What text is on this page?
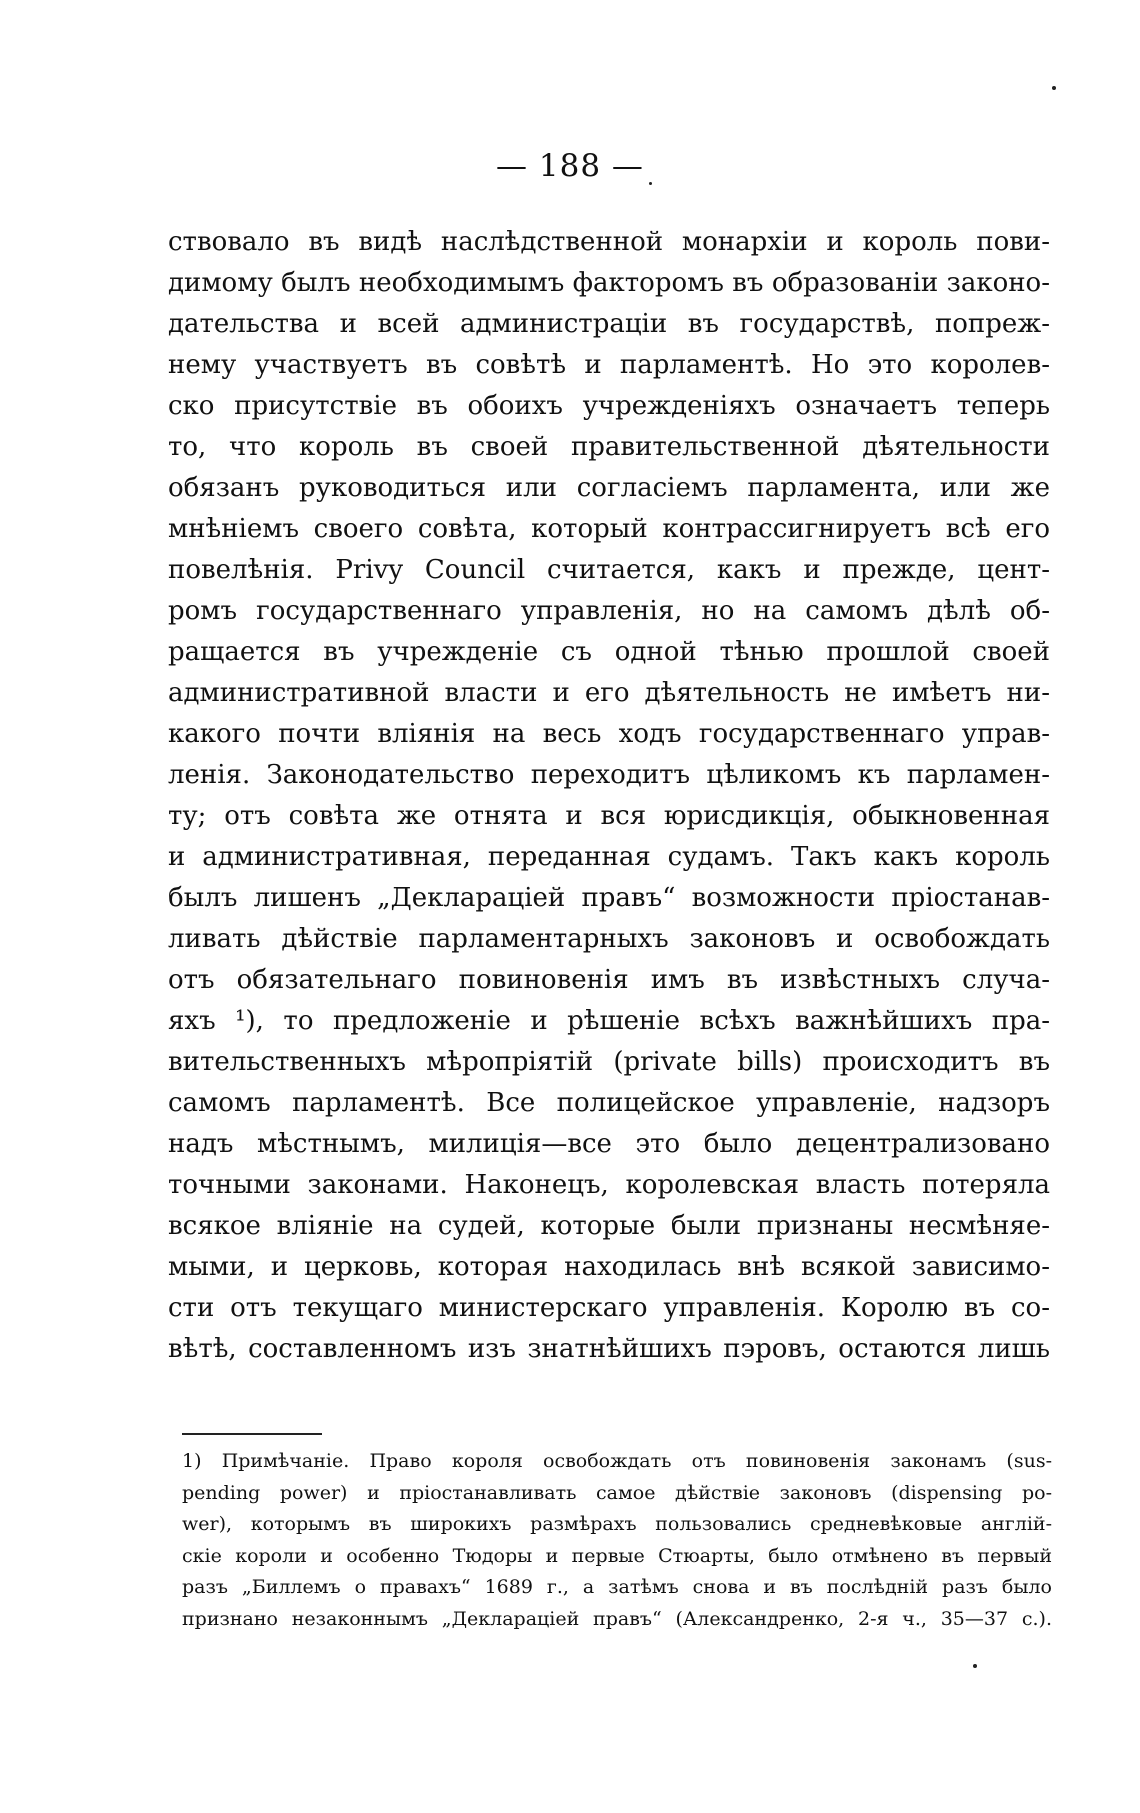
— 188 —
ствовало въ видѣ наслѣдственной монархіи и король пови-
димому былъ необходимымъ факторомъ въ образованіи законо-
дательства и всей администраціи въ государствѣ, попреж-
нему участвуетъ въ совѣтѣ и парламентѣ. Но это королев-
ско присутствіе въ обоихъ учрежденіяхъ означаетъ теперь
то, что король въ своей правительственной дѣятельности
обязанъ руководиться или согласіемъ парламента, или же
мнѣніемъ своего совѣта, который контрассигнируетъ всѣ его
повелѣнія. Privy Council считается, какъ и прежде, цент-
ромъ государственнаго управленія, но на самомъ дѣлѣ об-
ращается въ учрежденіе съ одной тѣнью прошлой своей
административной власти и его дѣятельность не имѣетъ ни-
какого почти вліянія на весь ходъ государственнаго управ-
ленія. Законодательство переходитъ цѣликомъ къ парламен-
ту; отъ совѣта же отнята и вся юрисдикція, обыкновенная
и административная, переданная судамъ. Такъ какъ король
былъ лишенъ „Декларацiей правъ“ возможности пріостанав-
ливать дѣйствіе парламентарныхъ законовъ и освобождать
отъ обязательнаго повиновенія имъ въ извѣстныхъ случа-
яхъ ¹), то предложеніе и рѣшеніе всѣхъ важнѣйшихъ пра-
вительственныхъ мѣропріятій (private bills) происходитъ въ
самомъ парламентѣ. Все полицейское управленіе, надзоръ
надъ мѣстнымъ, милиція—все это было децентрализовано
точными законами. Наконецъ, королевская власть потеряла
всякое вліяніе на судей, которые были признаны несмѣняе-
мыми, и церковь, которая находилась внѣ всякой зависимо-
сти отъ текущаго министерскаго управленія. Королю въ со-
вѣтѣ, составленномъ изъ знатнѣйшихъ пэровъ, остаются лишь
1) Примѣчаніе. Право короля освобождать отъ повиновенія законамъ (sus-
pending power) и пріостанавливать самое дѣйствіе законовъ (dispensing po-
wer), которымъ въ широкихъ размѣрахъ пользовались средневѣковые англій-
скіе короли и особенно Тюдоры и первые Стюарты, было отмѣнено въ первый
разъ „Биллемъ о правахъ“ 1689 г., а затѣмъ снова и въ послѣдній разъ было
признано незаконнымъ „Декларацiей правъ“ (Александренко, 2-я ч., 35—37 с.).
